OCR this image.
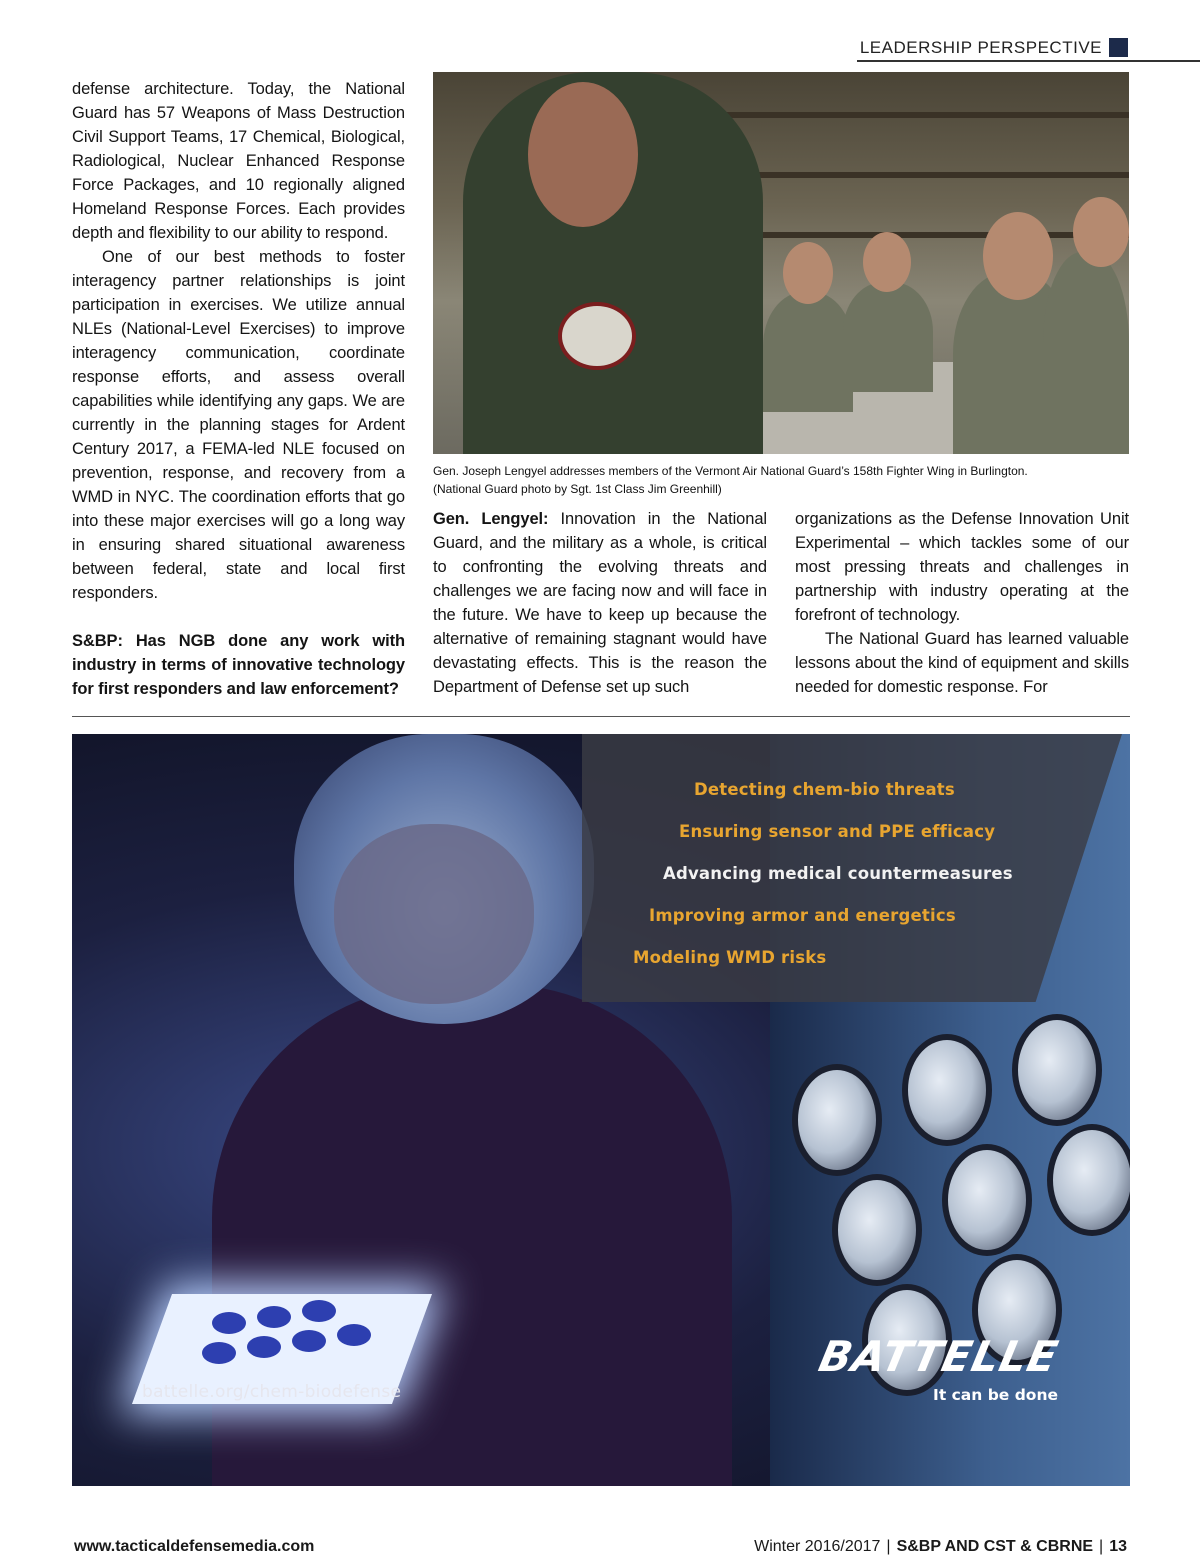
LEADERSHIP PERSPECTIVE

defense architecture. Today, the National Guard has 57 Weapons of Mass Destruction Civil Support Teams, 17 Chemical, Biological, Radiological, Nuclear Enhanced Response Force Packages, and 10 regionally aligned Homeland Response Forces. Each provides depth and flexibility to our ability to respond.

One of our best methods to foster interagency partner relationships is joint participation in exercises. We utilize annual NLEs (National-Level Exercises) to improve interagency communication, coordinate response efforts, and assess overall capabilities while identifying any gaps. We are currently in the planning stages for Ardent Century 2017, a FEMA-led NLE focused on prevention, response, and recovery from a WMD in NYC. The coordination efforts that go into these major exercises will go a long way in ensuring shared situational awareness between federal, state and local first responders.

S&BP: Has NGB done any work with industry in terms of innovative technology for first responders and law enforcement?

Gen. Joseph Lengyel addresses members of the Vermont Air National Guard’s 158th Fighter Wing in Burlington.
(National Guard photo by Sgt. 1st Class Jim Greenhill)

Gen. Lengyel: Innovation in the National Guard, and the military as a whole, is critical to confronting the evolving threats and challenges we are facing now and will face in the future. We have to keep up because the alternative of remaining stagnant would have devastating effects. This is the reason the Department of Defense set up such

organizations as the Defense Innovation Unit Experimental – which tackles some of our most pressing threats and challenges in partnership with industry operating at the forefront of technology.

The National Guard has learned valuable lessons about the kind of equipment and skills needed for domestic response. For

Detecting chem-bio threats
Ensuring sensor and PPE efficacy
Advancing medical countermeasures
Improving armor and energetics
Modeling WMD risks
battelle.org/chem-biodefense
BATTELLE
It can be done
www.tacticaldefensemedia.com	Winter 2016/2017 | S&BP AND CST & CBRNE | 13
